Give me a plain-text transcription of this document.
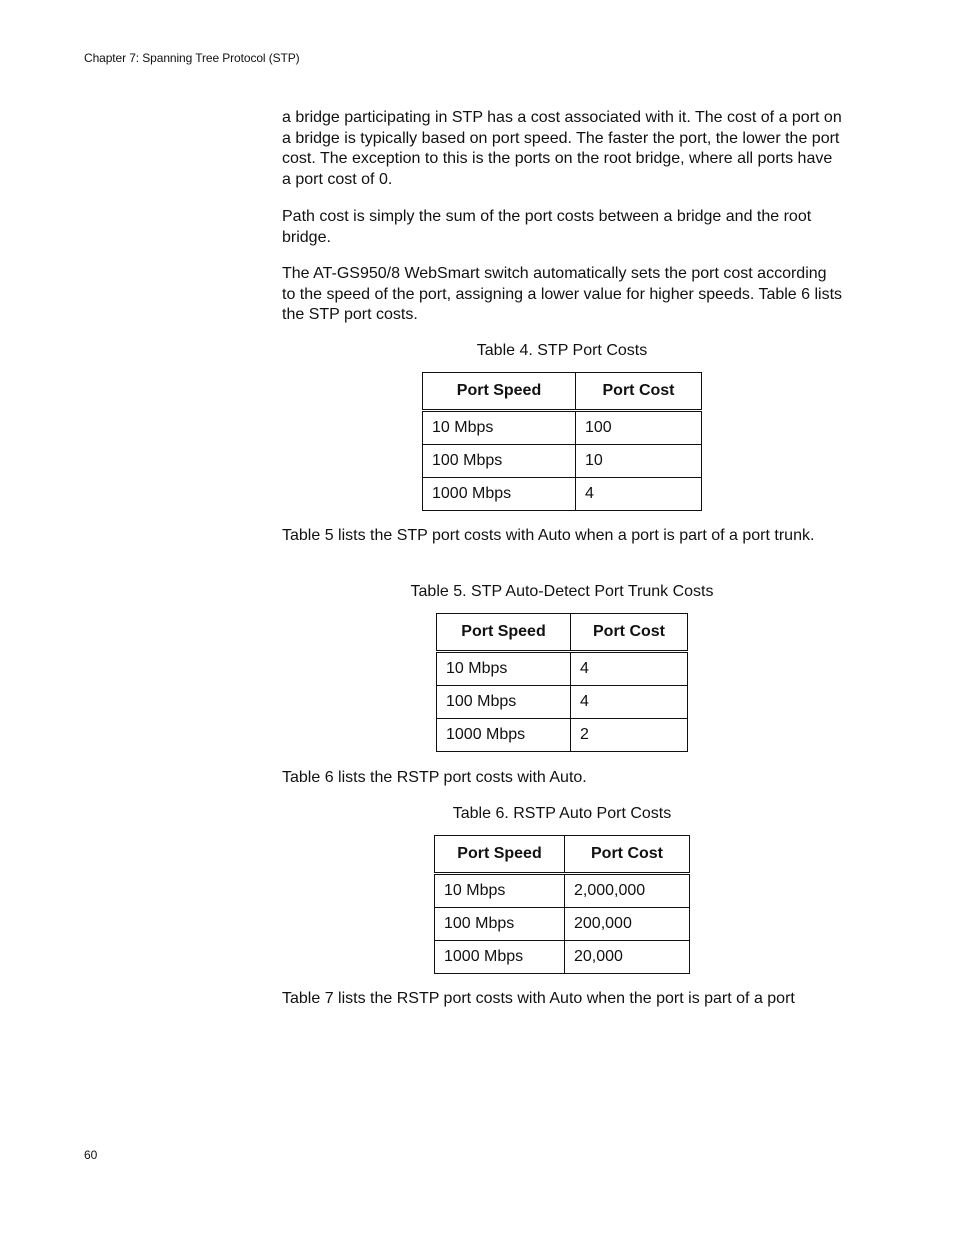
Chapter 7: Spanning Tree Protocol (STP)

a bridge participating in STP has a cost associated with it. The cost of a port on a bridge is typically based on port speed. The faster the port, the lower the port cost. The exception to this is the ports on the root bridge, where all ports have a port cost of 0.

Path cost is simply the sum of the port costs between a bridge and the root bridge.

The AT-GS950/8 WebSmart switch automatically sets the port cost according to the speed of the port, assigning a lower value for higher speeds. Table 6 lists the STP port costs.

Table 4. STP Port Costs
Port Speed	Port Cost
10 Mbps	100
100 Mbps	10
1000 Mbps	4

Table 5 lists the STP port costs with Auto when a port is part of a port trunk.

Table 5. STP Auto-Detect Port Trunk Costs
Port Speed	Port Cost
10 Mbps	4
100 Mbps	4
1000 Mbps	2

Table 6 lists the RSTP port costs with Auto.

Table 6. RSTP Auto Port Costs
Port Speed	Port Cost
10 Mbps	2,000,000
100 Mbps	200,000
1000 Mbps	20,000

Table 7 lists the RSTP port costs with Auto when the port is part of a port

60
